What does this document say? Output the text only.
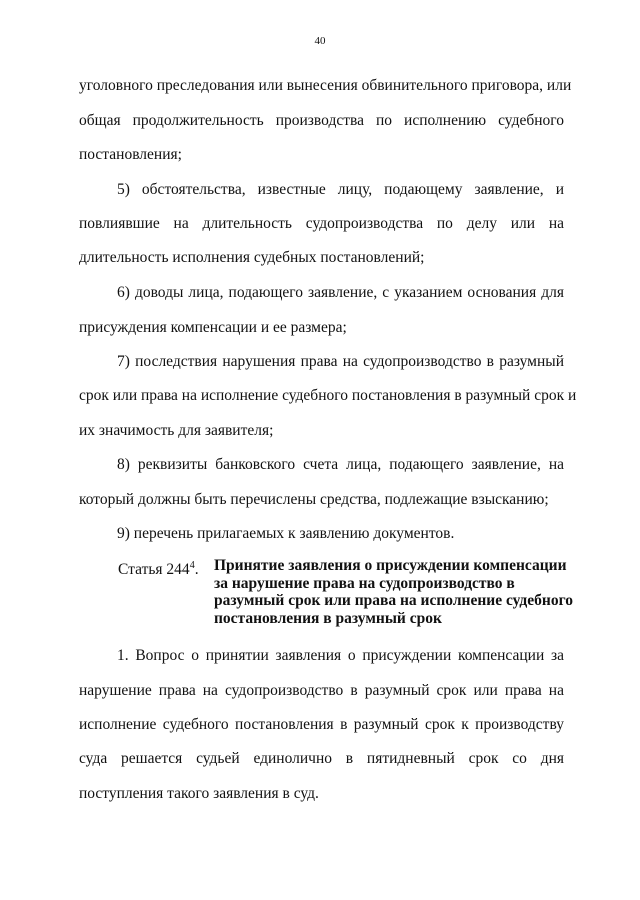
40
уголовного преследования или вынесения обвинительного приговора, или
общая продолжительность производства по исполнению судебного
постановления;
5) обстоятельства, известные лицу, подающему заявление, и
повлиявшие на длительность судопроизводства по делу или на
длительность исполнения судебных постановлений;
6) доводы лица, подающего заявление, с указанием основания для
присуждения компенсации и ее размера;
7) последствия нарушения права на судопроизводство в разумный
срок или права на исполнение судебного постановления в разумный срок и
их значимость для заявителя;
8) реквизиты банковского счета лица, подающего заявление, на
который должны быть перечислены средства, подлежащие взысканию;
9) перечень прилагаемых к заявлению документов.
Статья $244^4$. Принятие заявления о присуждении компенсации
за нарушение права на судопроизводство в
разумный срок или права на исполнение судебного
постановления в разумный срок
1. Вопрос о принятии заявления о присуждении компенсации за
нарушение права на судопроизводство в разумный срок или права на
исполнение судебного постановления в разумный срок к производству
суда решается судьей единолично в пятидневный срок со дня
поступления такого заявления в суд.
